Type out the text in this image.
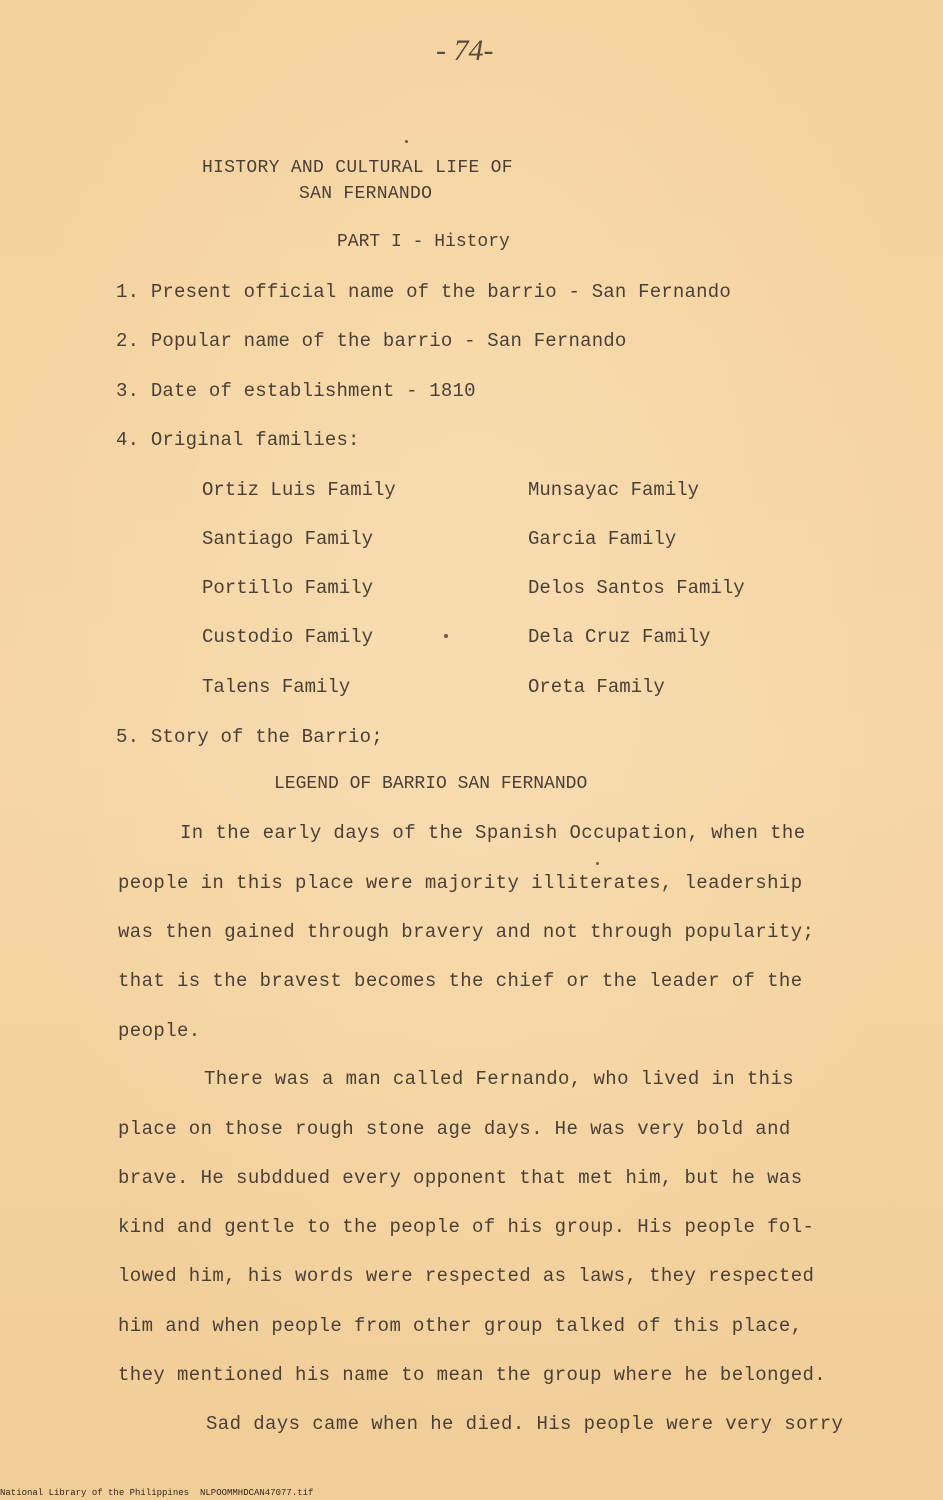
- 74-
HISTORY AND CULTURAL LIFE OF
SAN FERNANDO
PART I - History
1. Present official name of the barrio - San Fernando
2. Popular name of the barrio - San Fernando
3. Date of establishment - 1810
4. Original families:
Ortiz Luis Family
Santiago Family
Portillo Family
Custodio Family
Talens Family
Munsayac Family
Garcia Family
Delos Santos Family
Dela Cruz Family
Oreta Family
5. Story of the Barrio;
LEGEND OF BARRIO SAN FERNANDO
In the early days of the Spanish Occupation, when the
people in this place were majority illiterates, leadership
was then gained through bravery and not through popularity;
that is the bravest becomes the chief or the leader of the
people.
There was a man called Fernando, who lived in this
place on those rough stone age days. He was very bold and
brave. He subddued every opponent that met him, but he was
kind and gentle to the people of his group. His people fol-
lowed him, his words were respected as laws, they respected
him and when people from other group talked of this place,
they mentioned his name to mean the group where he belonged.
Sad days came when he died. His people were very sorry
National Library of the Philippines NLPOOMMHDCAN47077.tif
